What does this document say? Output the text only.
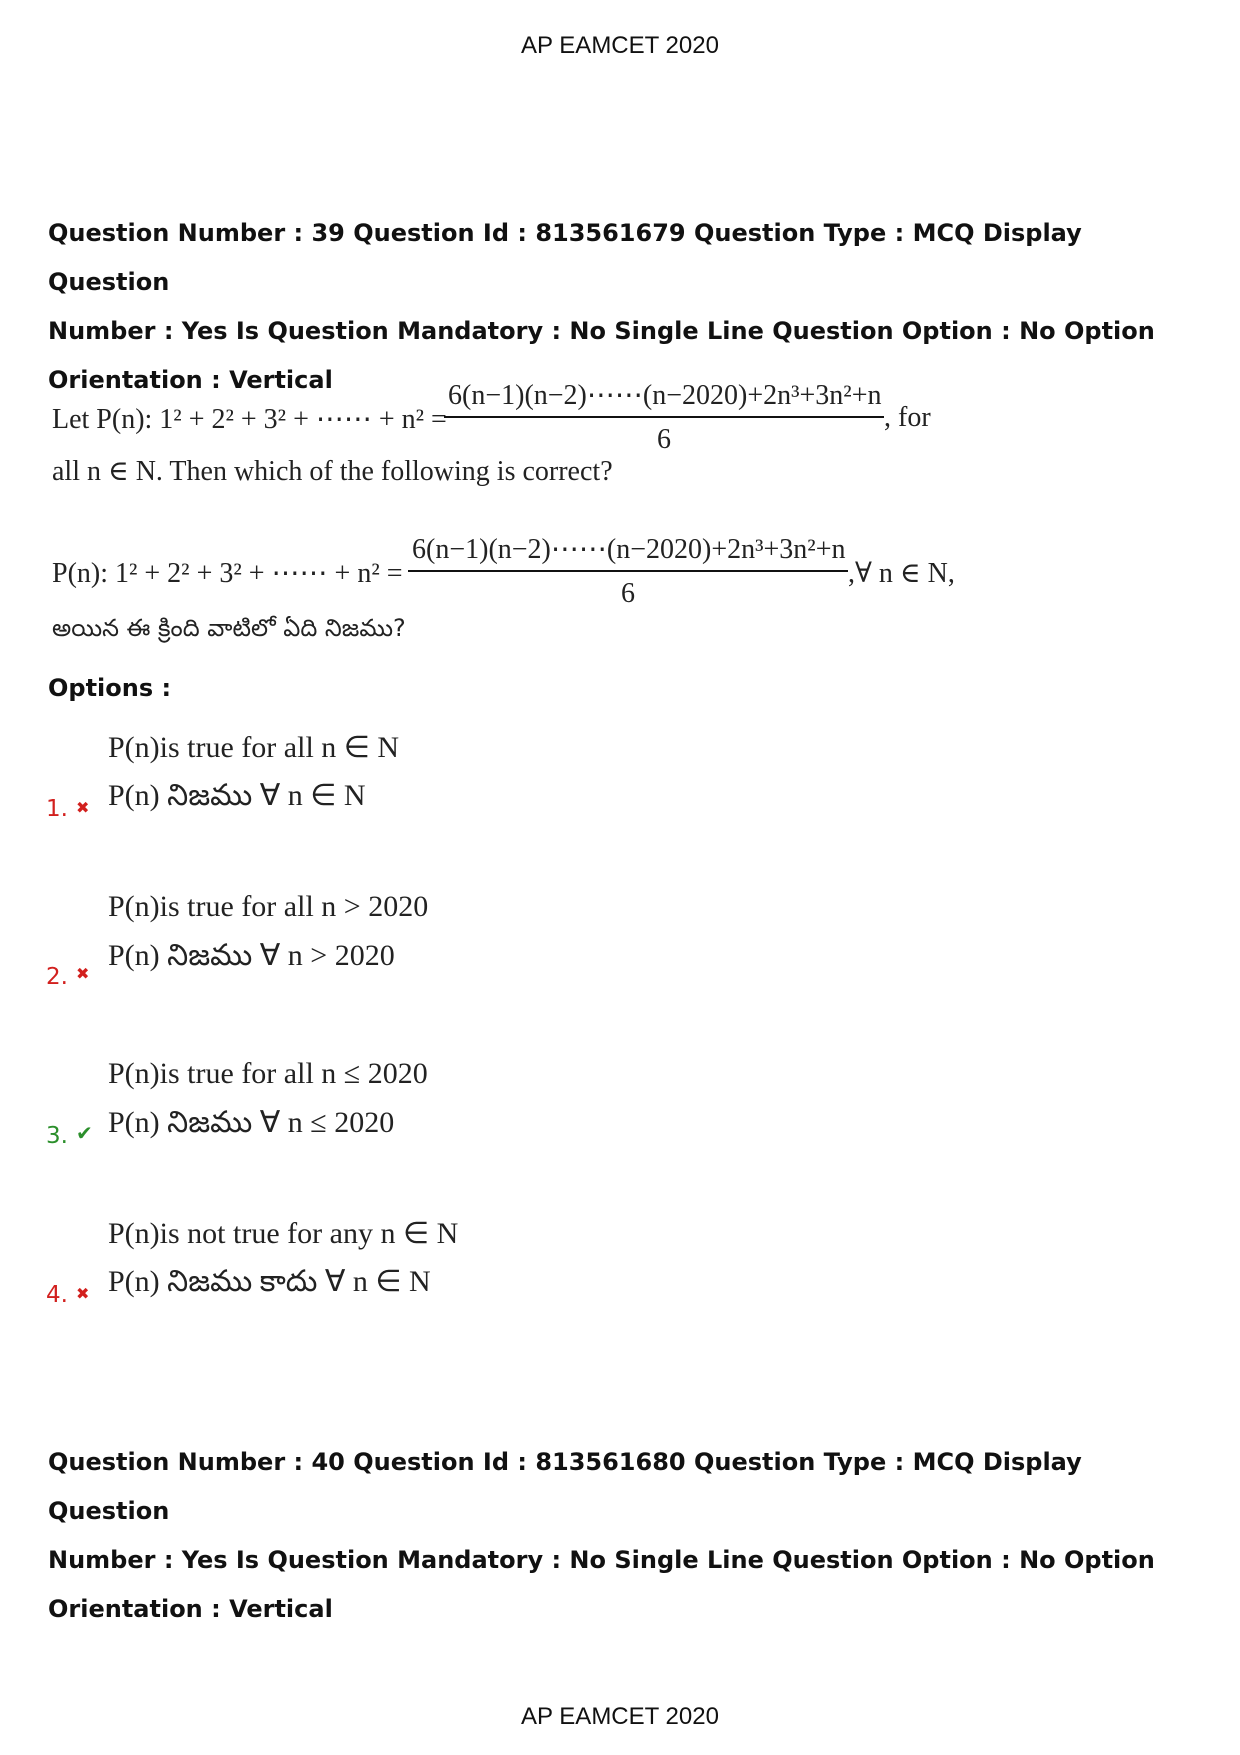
AP EAMCET 2020
Question Number : 39 Question Id : 813561679 Question Type : MCQ Display Question
Number : Yes Is Question Mandatory : No Single Line Question Option : No Option
Orientation : Vertical
Let P(n): 1² + 2² + 3² + ⋯⋯ + n² =
$\frac{\text{6(n−1)(n−2)⋯⋯(n−2020)+2n³+3n²+n}}{6}$ , for
all n ∈ N. Then which of the following is correct?
P(n): 1² + 2² + 3² + ⋯⋯ + $n^2 = \frac{\text{6(n−1)(n−2)⋯⋯(n−2020)+2n³+3n²+n}}{6}$ ,∀ n ∈ N,
అయిన ఈ క్రింది వాటిలో ఏది నిజము?
Options :
P(n)is true for all n ∈ N
1. ✖ P(n) నిజము ∀ n ∈ N
P(n)is true for all n > 2020
2. ✖
P(n) నిజము ∀ n > 2020
P(n)is true for all n ≤ 2020
3. ✔ P(n) నిజము ∀ n ≤ 2020
P(n)is not true for any n ∈ N
4. ✖ P(n) నిజము కాదు ∀ n ∈ N
Question Number : 40 Question Id : 813561680 Question Type : MCQ Display Question
Number : Yes Is Question Mandatory : No Single Line Question Option : No Option
Orientation : Vertical
AP EAMCET 2020
